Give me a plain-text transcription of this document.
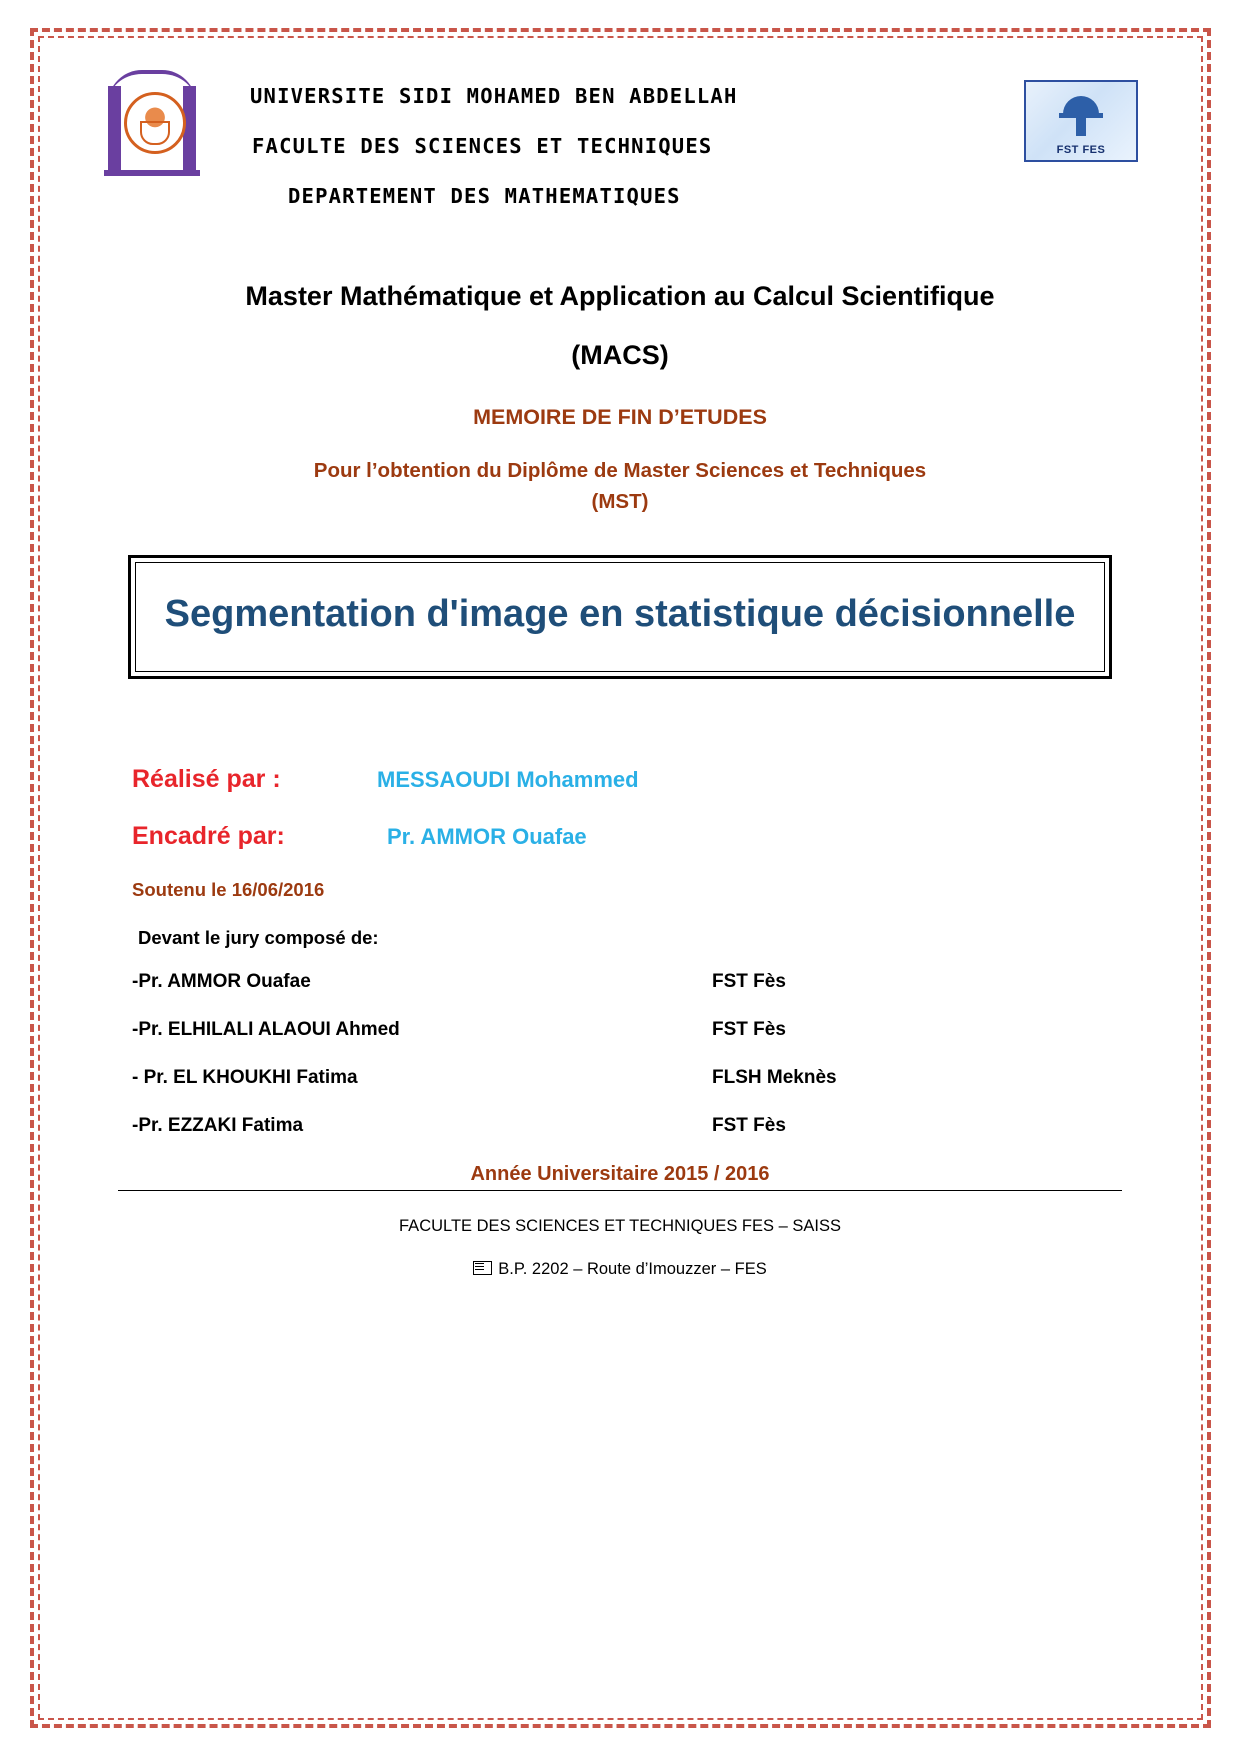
UNIVERSITE SIDI MOHAMED BEN ABDELLAH
FACULTE DES SCIENCES ET TECHNIQUES
DEPARTEMENT DES MATHEMATIQUES
FST FES
Master Mathématique et Application au Calcul Scientifique
(MACS)
MEMOIRE DE FIN D’ETUDES
Pour l’obtention du Diplôme de Master Sciences et Techniques
(MST)
Segmentation d'image en statistique décisionnelle
Réalisé par :	MESSAOUDI Mohammed
Encadré par:	Pr. AMMOR Ouafae
Soutenu le 16/06/2016
Devant le jury composé de:
-Pr. AMMOR Ouafae	FST Fès
-Pr. ELHILALI ALAOUI Ahmed	FST Fès
- Pr. EL KHOUKHI Fatima	FLSH Meknès
-Pr. EZZAKI Fatima	FST Fès
Année Universitaire 2015 / 2016
FACULTE DES SCIENCES ET TECHNIQUES FES – SAISS
B.P. 2202 – Route d’Imouzzer – FES
